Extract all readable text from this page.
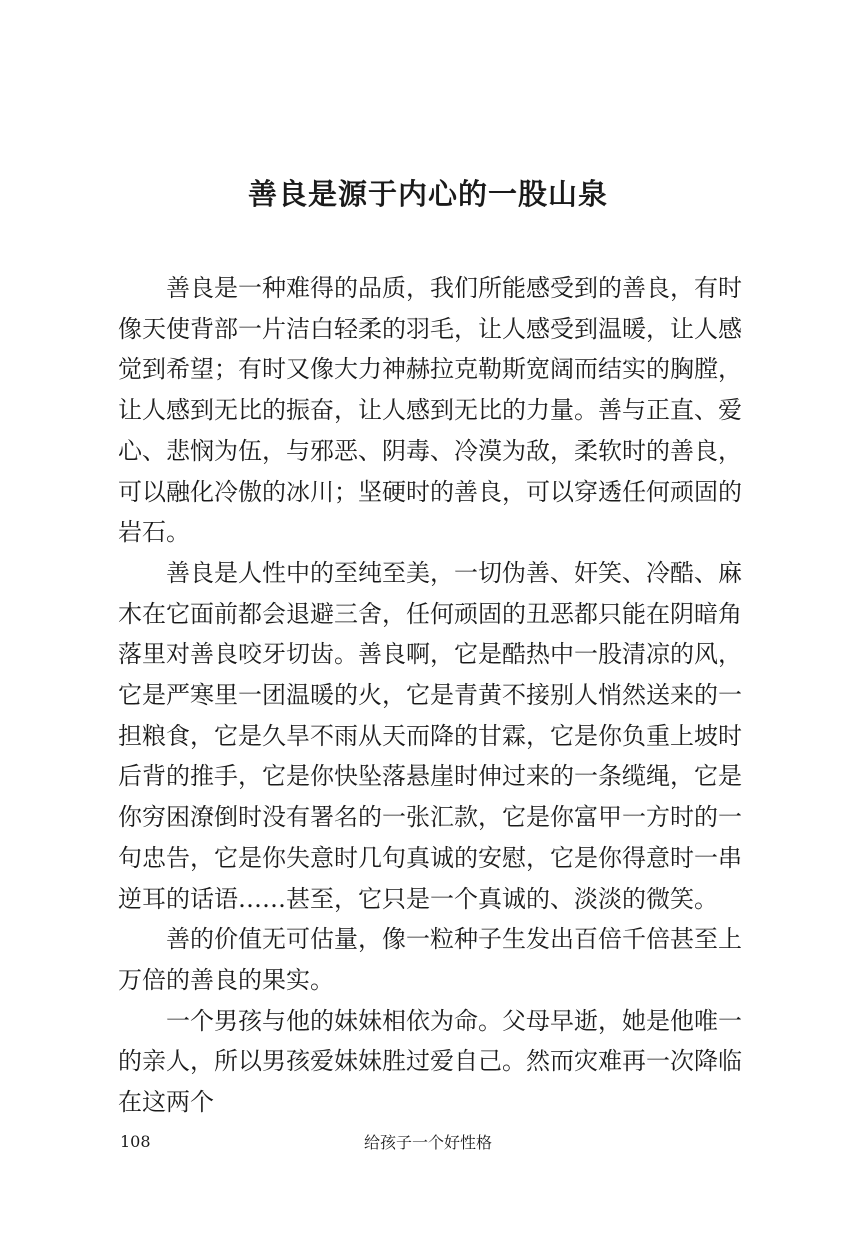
善良是源于内心的一股山泉

善良是一种难得的品质，我们所能感受到的善良，有时像天使背部一片洁白轻柔的羽毛，让人感受到温暖，让人感觉到希望；有时又像大力神赫拉克勒斯宽阔而结实的胸膛，让人感到无比的振奋，让人感到无比的力量。善与正直、爱心、悲悯为伍，与邪恶、阴毒、冷漠为敌，柔软时的善良，可以融化冷傲的冰川；坚硬时的善良，可以穿透任何顽固的岩石。

善良是人性中的至纯至美，一切伪善、奸笑、冷酷、麻木在它面前都会退避三舍，任何顽固的丑恶都只能在阴暗角落里对善良咬牙切齿。善良啊，它是酷热中一股清凉的风，它是严寒里一团温暖的火，它是青黄不接别人悄然送来的一担粮食，它是久旱不雨从天而降的甘霖，它是你负重上坡时后背的推手，它是你快坠落悬崖时伸过来的一条缆绳，它是你穷困潦倒时没有署名的一张汇款，它是你富甲一方时的一句忠告，它是你失意时几句真诚的安慰，它是你得意时一串逆耳的话语……甚至，它只是一个真诚的、淡淡的微笑。

善的价值无可估量，像一粒种子生发出百倍千倍甚至上万倍的善良的果实。

一个男孩与他的妹妹相依为命。父母早逝，她是他唯一的亲人，所以男孩爱妹妹胜过爱自己。然而灾难再一次降临在这两个

108	给孩子一个好性格
